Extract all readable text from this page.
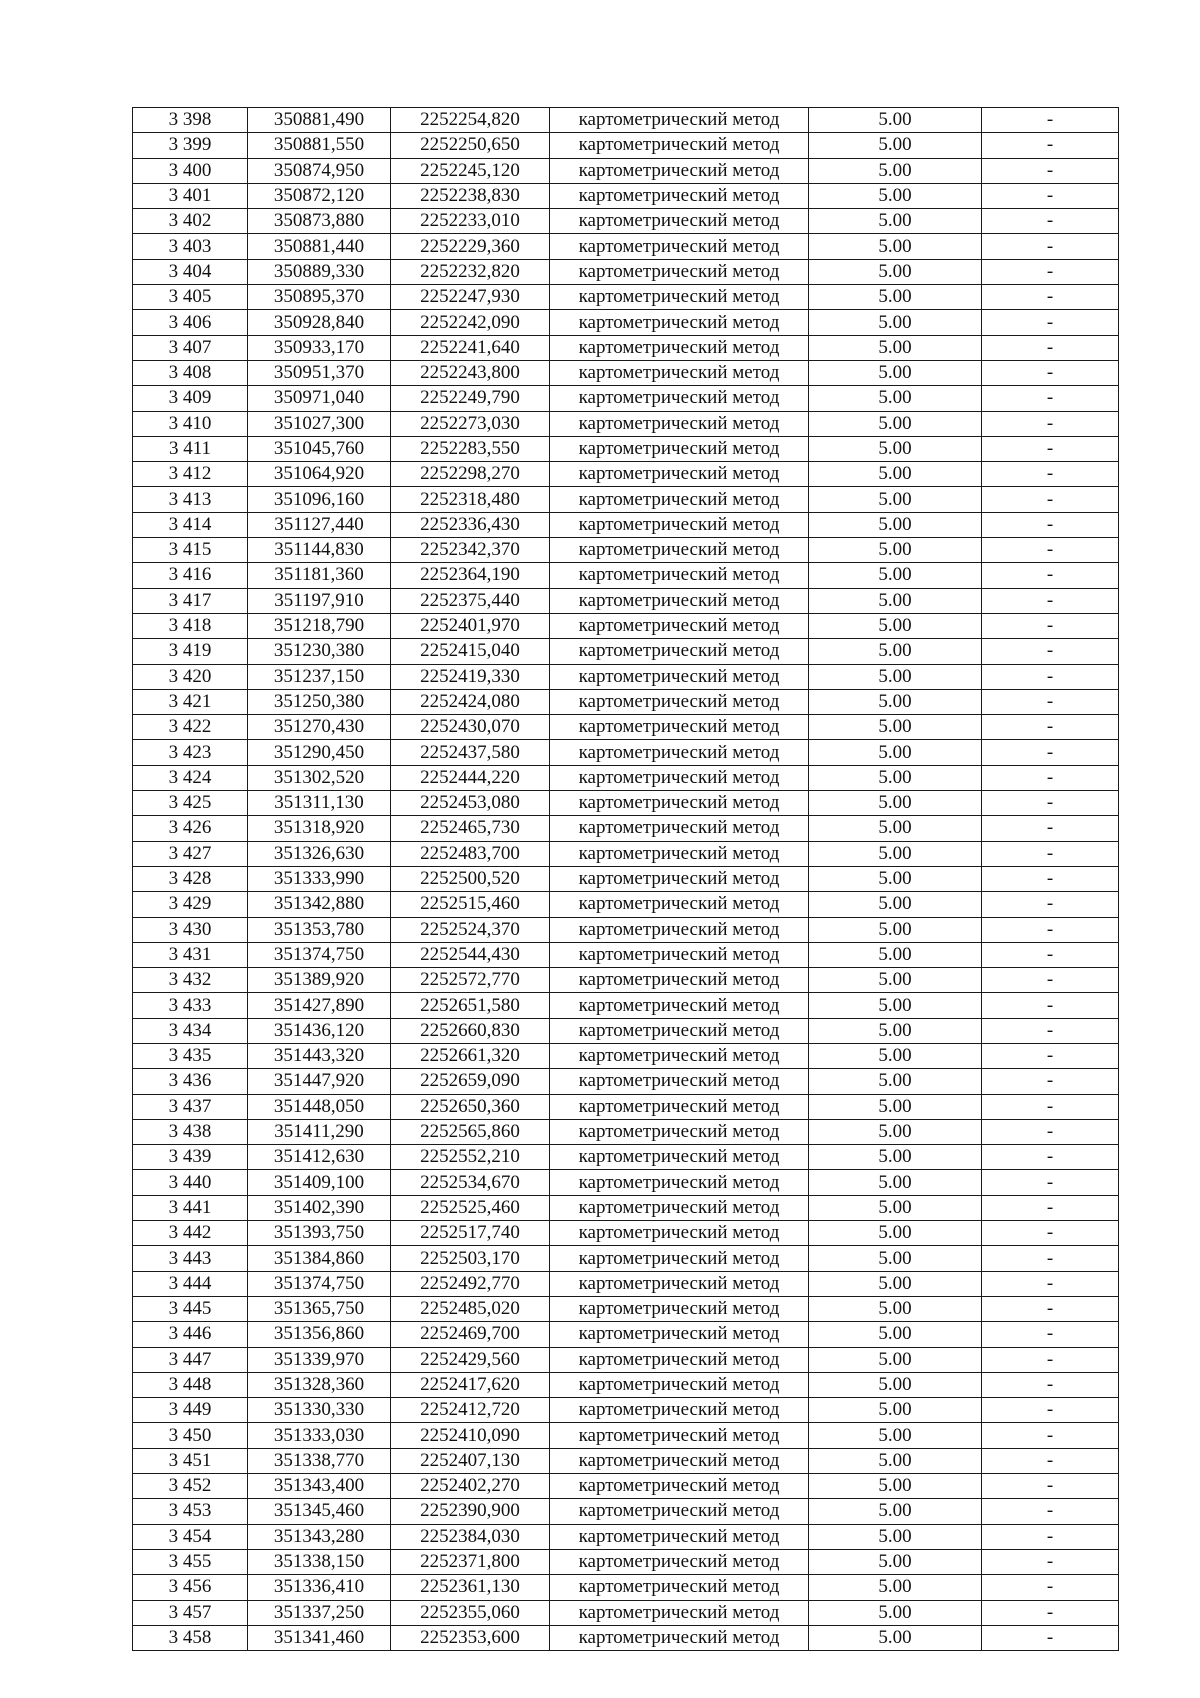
3 398	350881,490	2252254,820	картометрический метод	5.00	-
3 399	350881,550	2252250,650	картометрический метод	5.00	-
3 400	350874,950	2252245,120	картометрический метод	5.00	-
3 401	350872,120	2252238,830	картометрический метод	5.00	-
3 402	350873,880	2252233,010	картометрический метод	5.00	-
3 403	350881,440	2252229,360	картометрический метод	5.00	-
3 404	350889,330	2252232,820	картометрический метод	5.00	-
3 405	350895,370	2252247,930	картометрический метод	5.00	-
3 406	350928,840	2252242,090	картометрический метод	5.00	-
3 407	350933,170	2252241,640	картометрический метод	5.00	-
3 408	350951,370	2252243,800	картометрический метод	5.00	-
3 409	350971,040	2252249,790	картометрический метод	5.00	-
3 410	351027,300	2252273,030	картометрический метод	5.00	-
3 411	351045,760	2252283,550	картометрический метод	5.00	-
3 412	351064,920	2252298,270	картометрический метод	5.00	-
3 413	351096,160	2252318,480	картометрический метод	5.00	-
3 414	351127,440	2252336,430	картометрический метод	5.00	-
3 415	351144,830	2252342,370	картометрический метод	5.00	-
3 416	351181,360	2252364,190	картометрический метод	5.00	-
3 417	351197,910	2252375,440	картометрический метод	5.00	-
3 418	351218,790	2252401,970	картометрический метод	5.00	-
3 419	351230,380	2252415,040	картометрический метод	5.00	-
3 420	351237,150	2252419,330	картометрический метод	5.00	-
3 421	351250,380	2252424,080	картометрический метод	5.00	-
3 422	351270,430	2252430,070	картометрический метод	5.00	-
3 423	351290,450	2252437,580	картометрический метод	5.00	-
3 424	351302,520	2252444,220	картометрический метод	5.00	-
3 425	351311,130	2252453,080	картометрический метод	5.00	-
3 426	351318,920	2252465,730	картометрический метод	5.00	-
3 427	351326,630	2252483,700	картометрический метод	5.00	-
3 428	351333,990	2252500,520	картометрический метод	5.00	-
3 429	351342,880	2252515,460	картометрический метод	5.00	-
3 430	351353,780	2252524,370	картометрический метод	5.00	-
3 431	351374,750	2252544,430	картометрический метод	5.00	-
3 432	351389,920	2252572,770	картометрический метод	5.00	-
3 433	351427,890	2252651,580	картометрический метод	5.00	-
3 434	351436,120	2252660,830	картометрический метод	5.00	-
3 435	351443,320	2252661,320	картометрический метод	5.00	-
3 436	351447,920	2252659,090	картометрический метод	5.00	-
3 437	351448,050	2252650,360	картометрический метод	5.00	-
3 438	351411,290	2252565,860	картометрический метод	5.00	-
3 439	351412,630	2252552,210	картометрический метод	5.00	-
3 440	351409,100	2252534,670	картометрический метод	5.00	-
3 441	351402,390	2252525,460	картометрический метод	5.00	-
3 442	351393,750	2252517,740	картометрический метод	5.00	-
3 443	351384,860	2252503,170	картометрический метод	5.00	-
3 444	351374,750	2252492,770	картометрический метод	5.00	-
3 445	351365,750	2252485,020	картометрический метод	5.00	-
3 446	351356,860	2252469,700	картометрический метод	5.00	-
3 447	351339,970	2252429,560	картометрический метод	5.00	-
3 448	351328,360	2252417,620	картометрический метод	5.00	-
3 449	351330,330	2252412,720	картометрический метод	5.00	-
3 450	351333,030	2252410,090	картометрический метод	5.00	-
3 451	351338,770	2252407,130	картометрический метод	5.00	-
3 452	351343,400	2252402,270	картометрический метод	5.00	-
3 453	351345,460	2252390,900	картометрический метод	5.00	-
3 454	351343,280	2252384,030	картометрический метод	5.00	-
3 455	351338,150	2252371,800	картометрический метод	5.00	-
3 456	351336,410	2252361,130	картометрический метод	5.00	-
3 457	351337,250	2252355,060	картометрический метод	5.00	-
3 458	351341,460	2252353,600	картометрический метод	5.00	-
